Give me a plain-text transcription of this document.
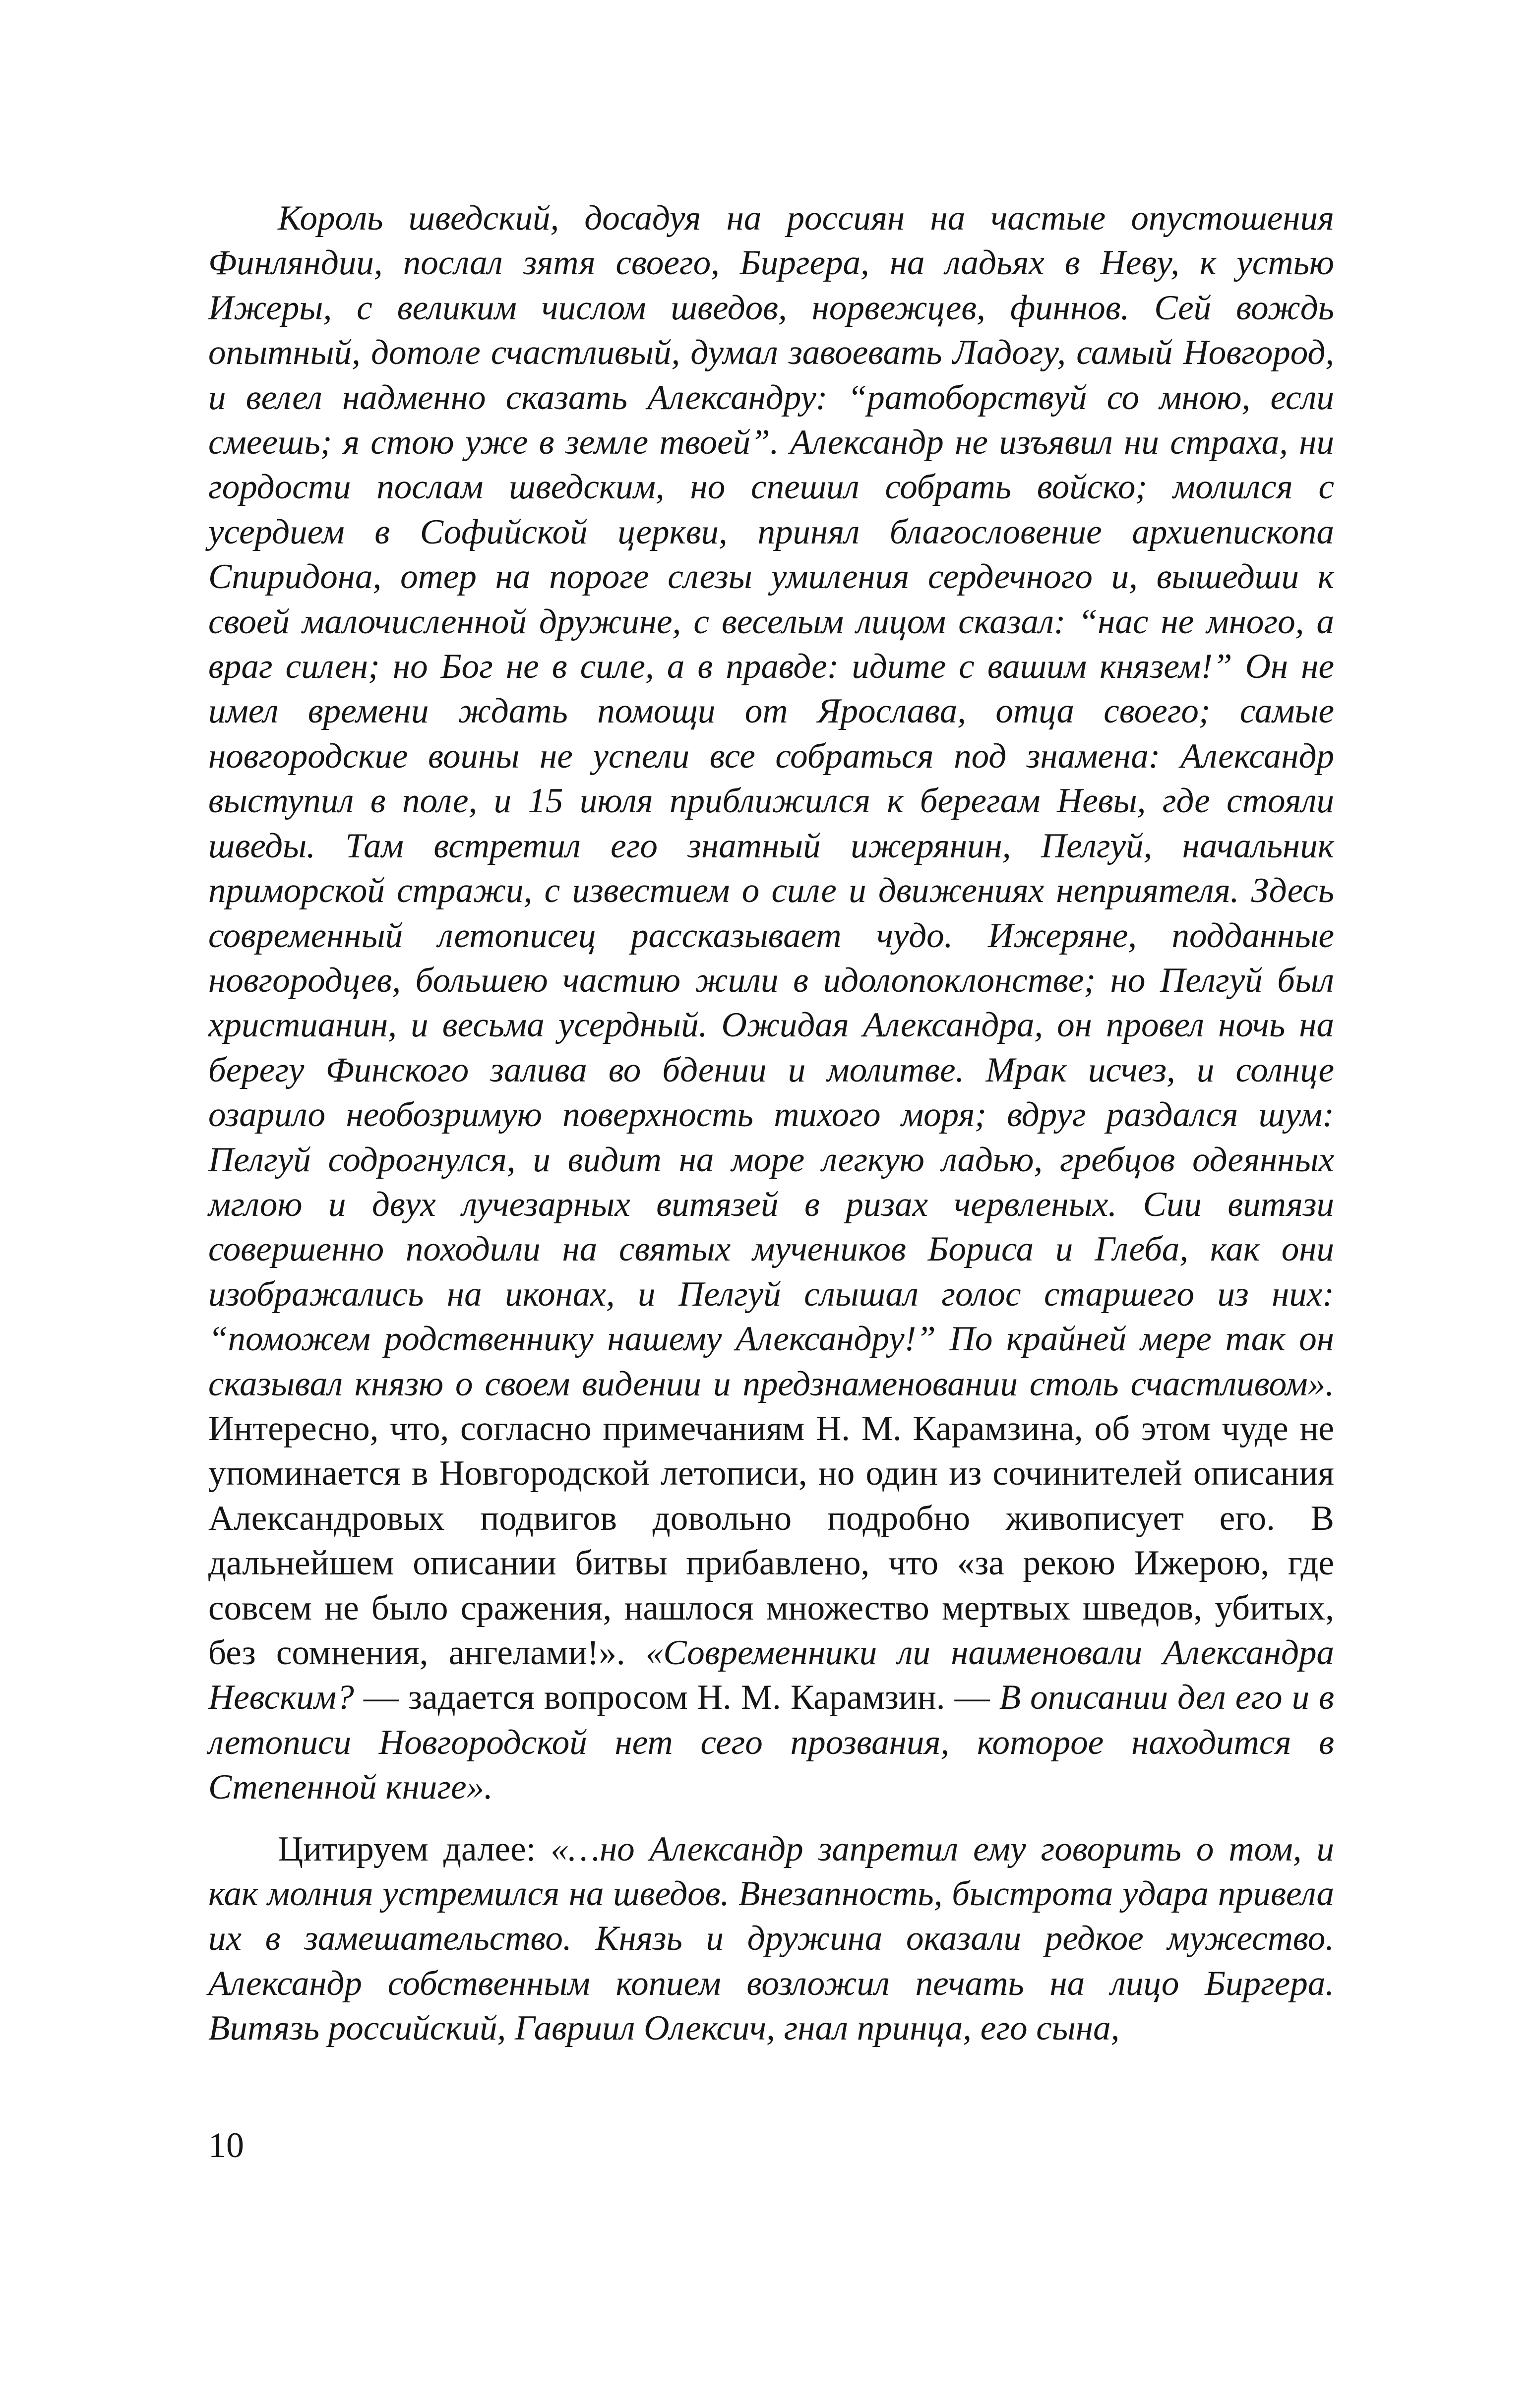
Король шведский, досадуя на россиян на частые опустошения Финляндии, послал зятя своего, Биргера, на ладьях в Неву, к устью Ижеры, с великим числом шведов, норвежцев, финнов. Сей вождь опытный, дотоле счастливый, думал завоевать Ладогу, самый Новгород, и велел надменно сказать Александру: “ратоборствуй со мною, если смеешь; я стою уже в земле твоей”. Александр не изъявил ни страха, ни гордости послам шведским, но спешил собрать войско; молился с усердием в Софийской церкви, принял благословение архиепископа Спиридона, отер на пороге слезы умиления сердечного и, вышедши к своей малочисленной дружине, с веселым лицом сказал: “нас не много, а враг силен; но Бог не в силе, а в правде: идите с вашим князем!” Он не имел времени ждать помощи от Ярослава, отца своего; самые новгородские воины не успели все собраться под знамена: Александр выступил в поле, и 15 июля приближился к берегам Невы, где стояли шведы. Там встретил его знатный ижерянин, Пелгуй, начальник приморской стражи, с известием о силе и движениях неприятеля. Здесь современный летописец рассказывает чудо. Ижеряне, подданные новгородцев, большею частию жили в идолопоклонстве; но Пелгуй был христианин, и весьма усердный. Ожидая Александра, он провел ночь на берегу Финского залива во бдении и молитве. Мрак исчез, и солнце озарило необозримую поверхность тихого моря; вдруг раздался шум: Пелгуй содрогнулся, и видит на море легкую ладью, гребцов одеянных мглою и двух лучезарных витязей в ризах червленых. Сии витязи совершенно походили на святых мучеников Бориса и Глеба, как они изображались на иконах, и Пелгуй слышал голос старшего из них: “поможем родственнику нашему Александру!” По крайней мере так он сказывал князю о своем видении и предзнаменовании столь счастливом». Интересно, что, согласно примечаниям Н. М. Карамзина, об этом чуде не упоминается в Новгородской летописи, но один из сочинителей описания Александровых подвигов довольно подробно живописует его. В дальнейшем описании битвы прибавлено, что «за рекою Ижерою, где совсем не было сражения, нашлося множество мертвых шведов, убитых, без сомнения, ангелами!». «Современники ли наименовали Александра Невским? — задается вопросом Н. М. Карамзин. — В описании дел его и в летописи Новгородской нет сего прозвания, которое находится в Степенной книге».

Цитируем далее: «…но Александр запретил ему говорить о том, и как молния устремился на шведов. Внезапность, быстрота удара привела их в замешательство. Князь и дружина оказали редкое мужество. Александр собственным копием возложил печать на лицо Биргера. Витязь российский, Гавриил Олексич, гнал принца, его сына,

10
